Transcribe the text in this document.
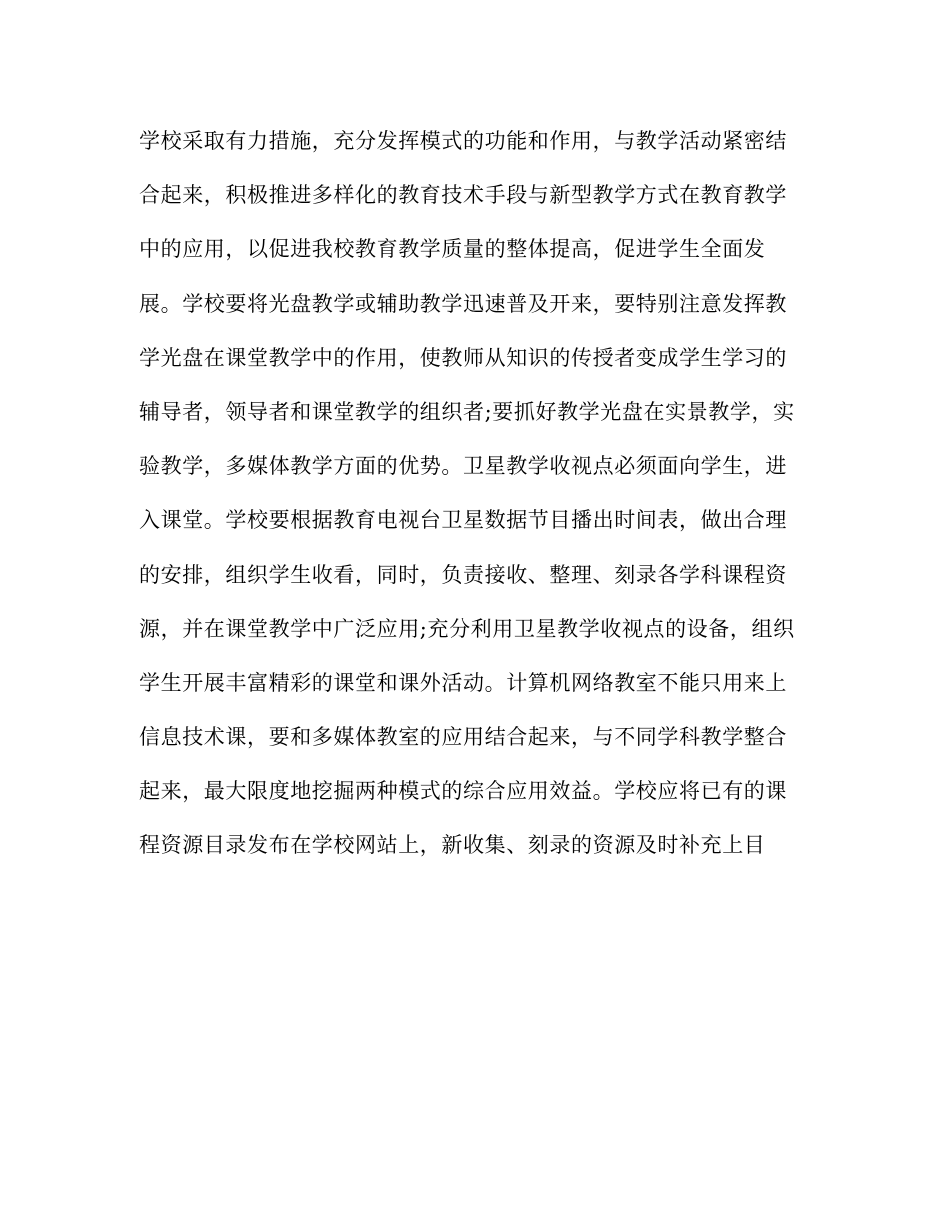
学校采取有力措施，充分发挥模式的功能和作用，与教学活动紧密结
合起来，积极推进多样化的教育技术手段与新型教学方式在教育教学
中的应用，以促进我校教育教学质量的整体提高，促进学生全面发
展。学校要将光盘教学或辅助教学迅速普及开来，要特别注意发挥教
学光盘在课堂教学中的作用，使教师从知识的传授者变成学生学习的
辅导者，领导者和课堂教学的组织者;要抓好教学光盘在实景教学，实
验教学，多媒体教学方面的优势。卫星教学收视点必须面向学生，进
入课堂。学校要根据教育电视台卫星数据节目播出时间表，做出合理
的安排，组织学生收看，同时，负责接收、整理、刻录各学科课程资
源，并在课堂教学中广泛应用;充分利用卫星教学收视点的设备，组织
学生开展丰富精彩的课堂和课外活动。计算机网络教室不能只用来上
信息技术课，要和多媒体教室的应用结合起来，与不同学科教学整合
起来，最大限度地挖掘两种模式的综合应用效益。学校应将已有的课
程资源目录发布在学校网站上，新收集、刻录的资源及时补充上目
